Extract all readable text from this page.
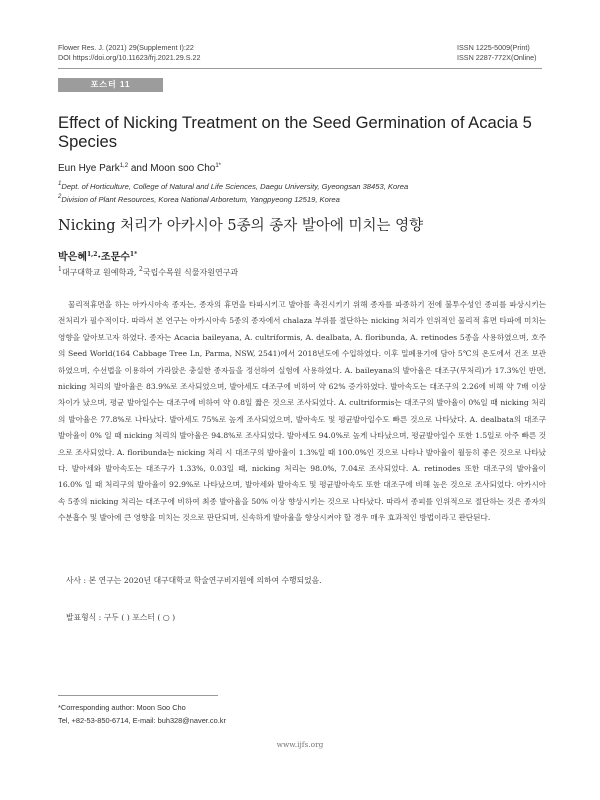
Flower Res. J. (2021) 29(Supplement I):22
DOI https://doi.org/10.11623/frj.2021.29.S.22
ISSN 1225-5009(Print)
ISSN 2287-772X(Online)
포스터 11
Effect of Nicking Treatment on the Seed Germination of Acacia 5 Species
Eun Hye Park$^{1,2}$ and Moon soo Cho$^{1*}$
$^1$Dept. of Horticulture, College of Natural and Life Sciences, Daegu University, Gyeongsan 38453, Korea
$^2$Division of Plant Resources, Korea National Arboretum, Yangpyeong 12519, Korea
Nicking 처리가 아카시아 5종의 종자 발아에 미치는 영향
박은혜$^{1,2}$·조문수$^{1*}$
$^1$대구대학교 원예학과, $^2$국립수목원 식물자원연구과

물리적휴면을 하는 아카시아속 종자는, 종자의 휴면을 타파시키고 발아를 촉진시키기 위해 종자를 파종하기 전에 불투수성인 종피를 파상시키는 전처리가 필수적이다. 따라서 본 연구는 아카시아속 5종의 종자에서 chalaza 부위를 절단하는 nicking 처리가 인위적인 물리적 휴면 타파에 미치는 영향을 알아보고자 하였다. 종자는 Acacia baileyana, A. cultriformis, A. dealbata, A. floribunda, A. retinodes 5종을 사용하였으며, 호주의 Seed World(164 Cabbage Tree Ln, Parma, NSW, 2541)에서 2018년도에 수입하였다. 이후 밀폐용기에 담아 5℃의 온도에서 건조 보관하였으며, 수선법을 이용하여 가라앉은 충실한 종자들을 정선하여 실험에 사용하였다. A. baileyana의 발아율은 대조구(무처리)가 17.3%인 반면, nicking 처리의 발아율은 83.9%로 조사되었으며, 발아세도 대조구에 비하여 약 62% 증가하였다. 발아속도는 대조구의 2.26에 비해 약 7배 이상 차이가 났으며, 평균 발아일수는 대조구에 비하여 약 0.8일 짧은 것으로 조사되었다. A. cultriformis는 대조구의 발아율이 0%일 때 nicking 처리의 발아율은 77.8%로 나타났다. 발아세도 75%로 높게 조사되었으며, 발아속도 및 평균발아일수도 빠른 것으로 나타났다. A. dealbata의 대조구 발아율이 0% 일 때 nicking 처리의 발아율은 94.8%로 조사되었다. 발아세도 94.0%로 높게 나타났으며, 평균발아일수 또한 1.5일로 아주 빠른 것으로 조사되었다. A. floribunda는 nicking 처리 시 대조구의 발아율이 1.3%일 때 100.0%인 것으로 나타나 발아율이 월등히 좋은 것으로 나타났다. 발아세와 발아속도는 대조구가 1.33%, 0.03일 때, nicking 처리는 98.0%, 7.04로 조사되었다. A. retinodes 또한 대조구의 발아율이 16.0% 일 때 처리구의 발아율이 92.9%로 나타났으며, 발아세와 발아속도 및 평균발아속도 또한 대조구에 비해 높은 것으로 조사되었다. 아카시아속 5종의 nicking 처리는 대조구에 비하여 최종 발아율을 50% 이상 향상시키는 것으로 나타났다. 따라서 종피를 인위적으로 절단하는 것은 종자의 수분흡수 및 발아에 큰 영향을 미치는 것으로 판단되며, 신속하게 발아율을 향상시켜야 할 경우 매우 효과적인 방법이라고 판단된다.

사사 : 본 연구는 2020년 대구대학교 학술연구비지원에 의하여 수행되었음.
발표형식 : 구두 ( ) 포스터 ( ○ )
*Corresponding author: Moon Soo Cho
Tel, +82-53-850-6714, E-mail: buh328@naver.co.kr
www.ijfs.org
